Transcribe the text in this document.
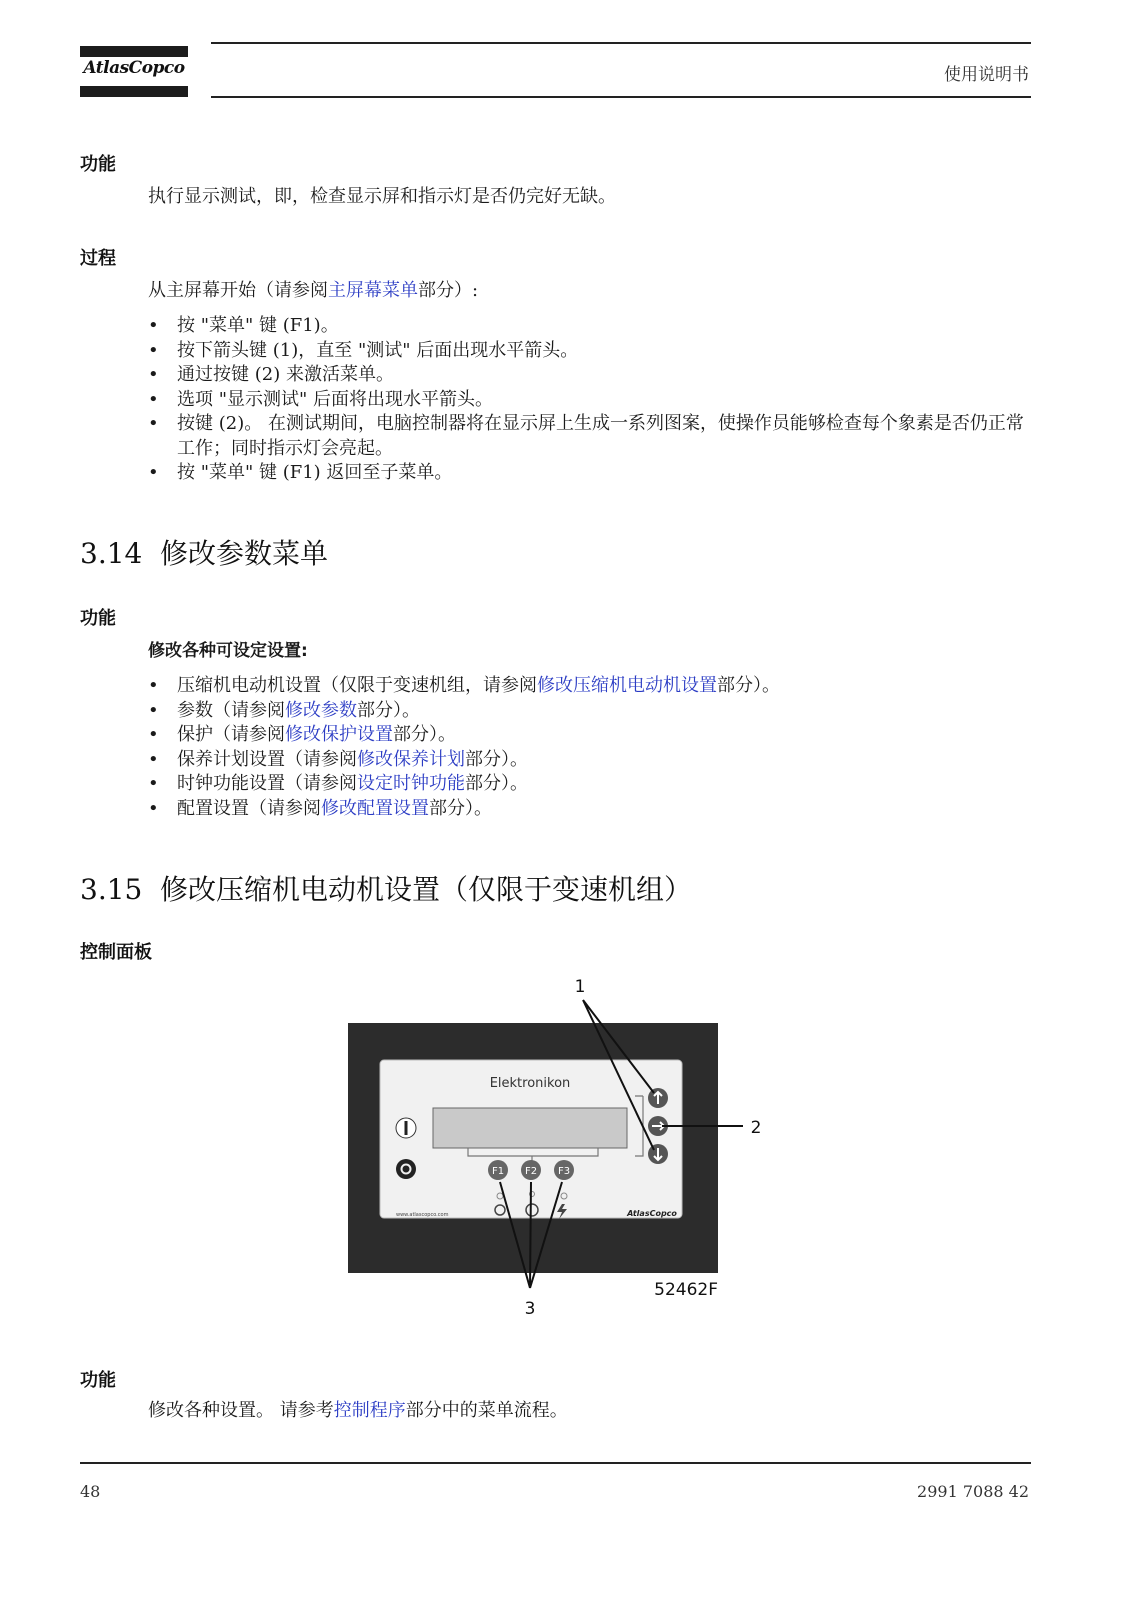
AtlasCopco	使用说明书
功能
执行显示测试，即，检查显示屏和指示灯是否仍完好无缺。
过程
从主屏幕开始（请参阅主屏幕菜单部分）:
• 按 "菜单" 键 (F1)。
• 按下箭头键 (1)，直至 "测试" 后面出现水平箭头。
• 通过按键 (2) 来激活菜单。
• 选项 "显示测试" 后面将出现水平箭头。
• 按键 (2)。 在测试期间，电脑控制器将在显示屏上生成一系列图案，使操作员能够检查每个象素是否仍正常工作；同时指示灯会亮起。
• 按 "菜单" 键 (F1) 返回至子菜单。
3.14 修改参数菜单
功能
修改各种可设定设置:
• 压缩机电动机设置（仅限于变速机组，请参阅修改压缩机电动机设置部分）。
• 参数（请参阅修改参数部分）。
• 保护（请参阅修改保护设置部分）。
• 保养计划设置（请参阅修改保养计划部分）。
• 时钟功能设置（请参阅设定时钟功能部分）。
• 配置设置（请参阅修改配置设置部分）。
3.15 修改压缩机电动机设置（仅限于变速机组）
控制面板
Elektronikon
F1 F2 F3
www.atlascopco.com	AtlasCopco
1
2
3
52462F
功能
修改各种设置。 请参考控制程序部分中的菜单流程。
48	2991 7088 42
